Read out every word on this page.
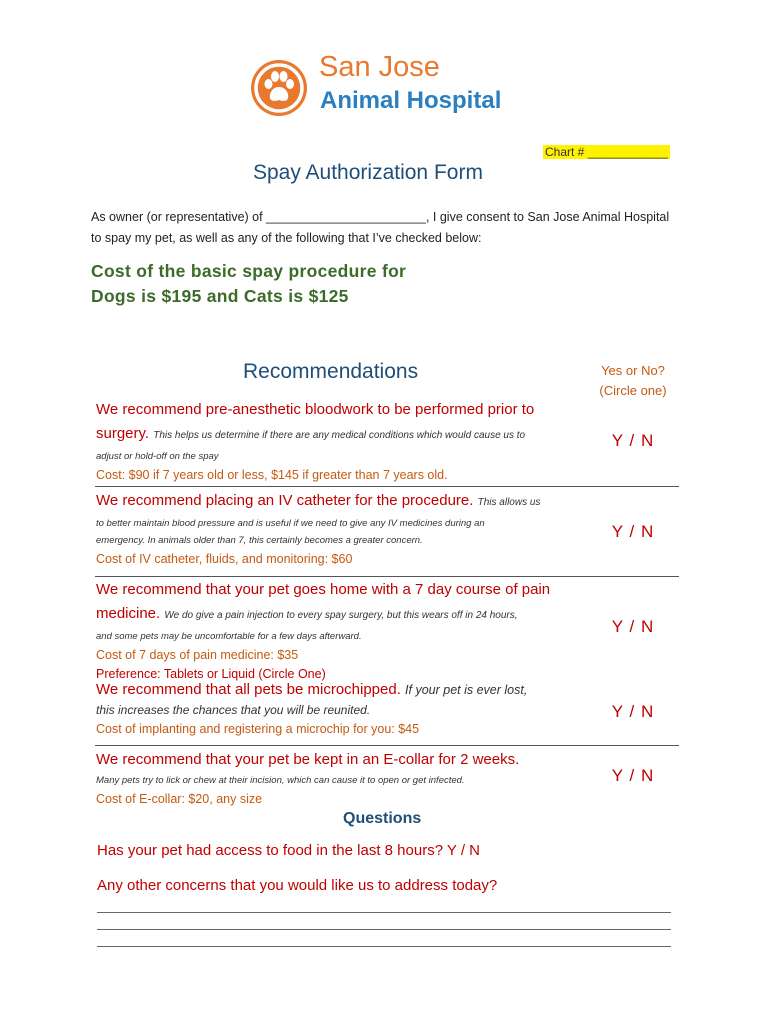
San Jose
Animal Hospital
Chart # ____________
Spay Authorization Form
As owner (or representative) of _______________________, I give consent to San Jose Animal Hospital to spay my pet, as well as any of the following that I’ve checked below:
Cost of the basic spay procedure for
Dogs is $195 and Cats is $125
Recommendations	Yes or No?
(Circle one)
We recommend pre-anesthetic bloodwork to be performed prior to
surgery. This helps us determine if there are any medical conditions which would cause us to
adjust or hold-off on the spay
Cost: $90 if 7 years old or less, $145 if greater than 7 years old.
Y / N
We recommend placing an IV catheter for the procedure. This allows us
to better maintain blood pressure and is useful if we need to give any IV medicines during an
emergency. In animals older than 7, this certainly becomes a greater concern.
Cost of IV catheter, fluids, and monitoring: $60
Y / N
We recommend that your pet goes home with a 7 day course of pain
medicine. We do give a pain injection to every spay surgery, but this wears off in 24 hours,
and some pets may be uncomfortable for a few days afterward.
Cost of 7 days of pain medicine: $35
Preference: Tablets or Liquid (Circle One)
Y / N
We recommend that all pets be microchipped. If your pet is ever lost,
this increases the chances that you will be reunited.
Cost of implanting and registering a microchip for you: $45
Y / N
We recommend that your pet be kept in an E-collar for 2 weeks.
Many pets try to lick or chew at their incision, which can cause it to open or get infected.
Cost of E-collar: $20, any size
Y / N
Questions
Has your pet had access to food in the last 8 hours? Y / N
Any other concerns that you would like us to address today?
